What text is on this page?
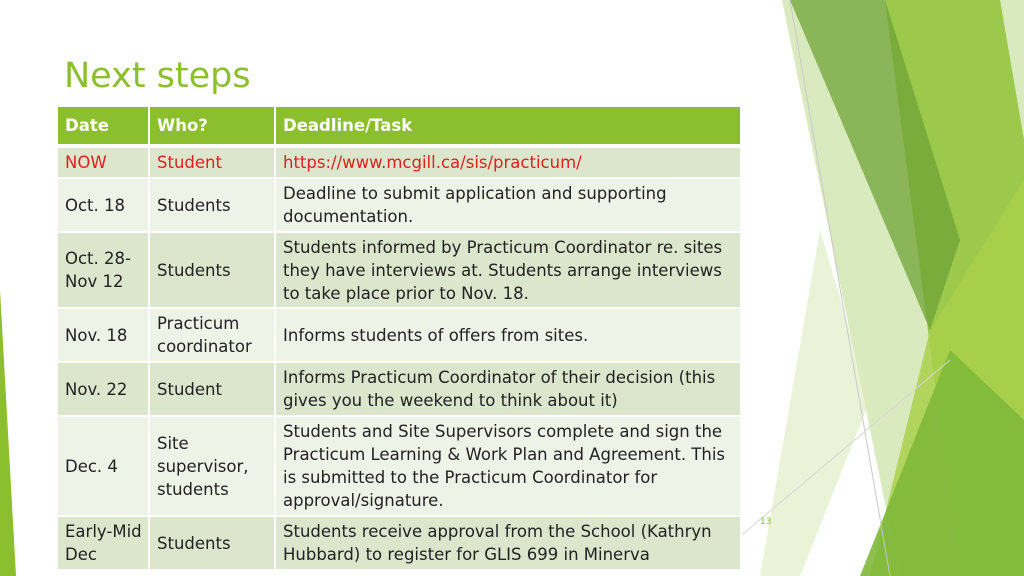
Next steps
Date	Who?	Deadline/Task
NOW	Student	https://www.mcgill.ca/sis/practicum/
Oct. 18	Students	Deadline to submit application and supporting documentation.
Oct. 28-Nov 12	Students	Students informed by Practicum Coordinator re. sites they have interviews at. Students arrange interviews to take place prior to Nov. 18.
Nov. 18	Practicum coordinator	Informs students of offers from sites.
Nov. 22	Student	Informs Practicum Coordinator of their decision (this gives you the weekend to think about it)
Dec. 4	Site supervisor, students	Students and Site Supervisors complete and sign the Practicum Learning & Work Plan and Agreement. This is submitted to the Practicum Coordinator for approval/signature.
Early-Mid Dec	Students	Students receive approval from the School (Kathryn Hubbard) to register for GLIS 699 in Minerva
13
